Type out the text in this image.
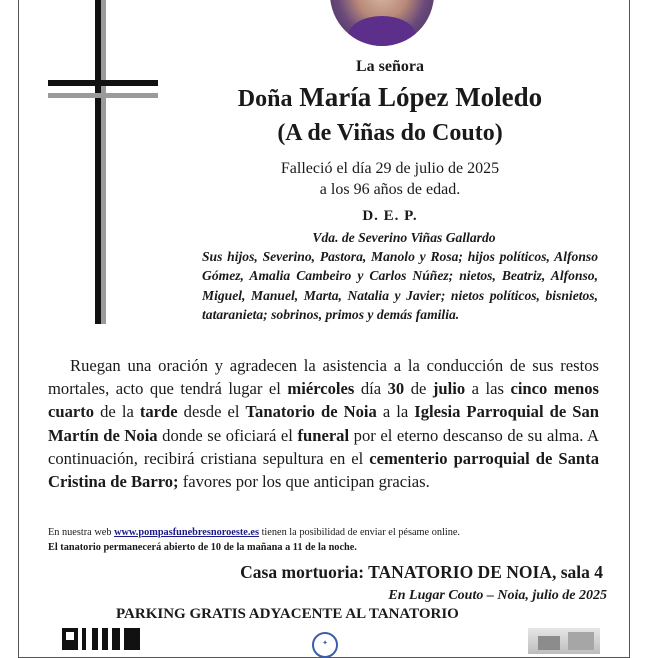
La señora
Doña María López Moledo
(A de Viñas do Couto)
Falleció el día 29 de julio de 2025
a los 96 años de edad.
D. E. P.
Vda. de Severino Viñas Gallardo
Sus hijos, Severino, Pastora, Manolo y Rosa; hijos políticos, Alfonso Gómez, Amalia Cambeiro y Carlos Núñez; nietos, Beatriz, Alfonso, Miguel, Manuel, Marta, Natalia y Javier; nietos políticos, bisnietos, tataranieta; sobrinos, primos y demás familia.
Ruegan una oración y agradecen la asistencia a la conducción de sus restos mortales, acto que tendrá lugar el miércoles día 30 de julio a las cinco menos cuarto de la tarde desde el Tanatorio de Noia a la Iglesia Parroquial de San Martín de Noia donde se oficiará el funeral por el eterno descanso de su alma. A continuación, recibirá cristiana sepultura en el cementerio parroquial de Santa Cristina de Barro; favores por los que anticipan gracias.
En nuestra web www.pompasfunebresnoroeste.es tienen la posibilidad de enviar el pésame online.
El tanatorio permanecerá abierto de 10 de la mañana a 11 de la noche.
Casa mortuoria: TANATORIO DE NOIA, sala 4
En Lugar Couto – Noia, julio de 2025
PARKING GRATIS ADYACENTE AL TANATORIO
✦
